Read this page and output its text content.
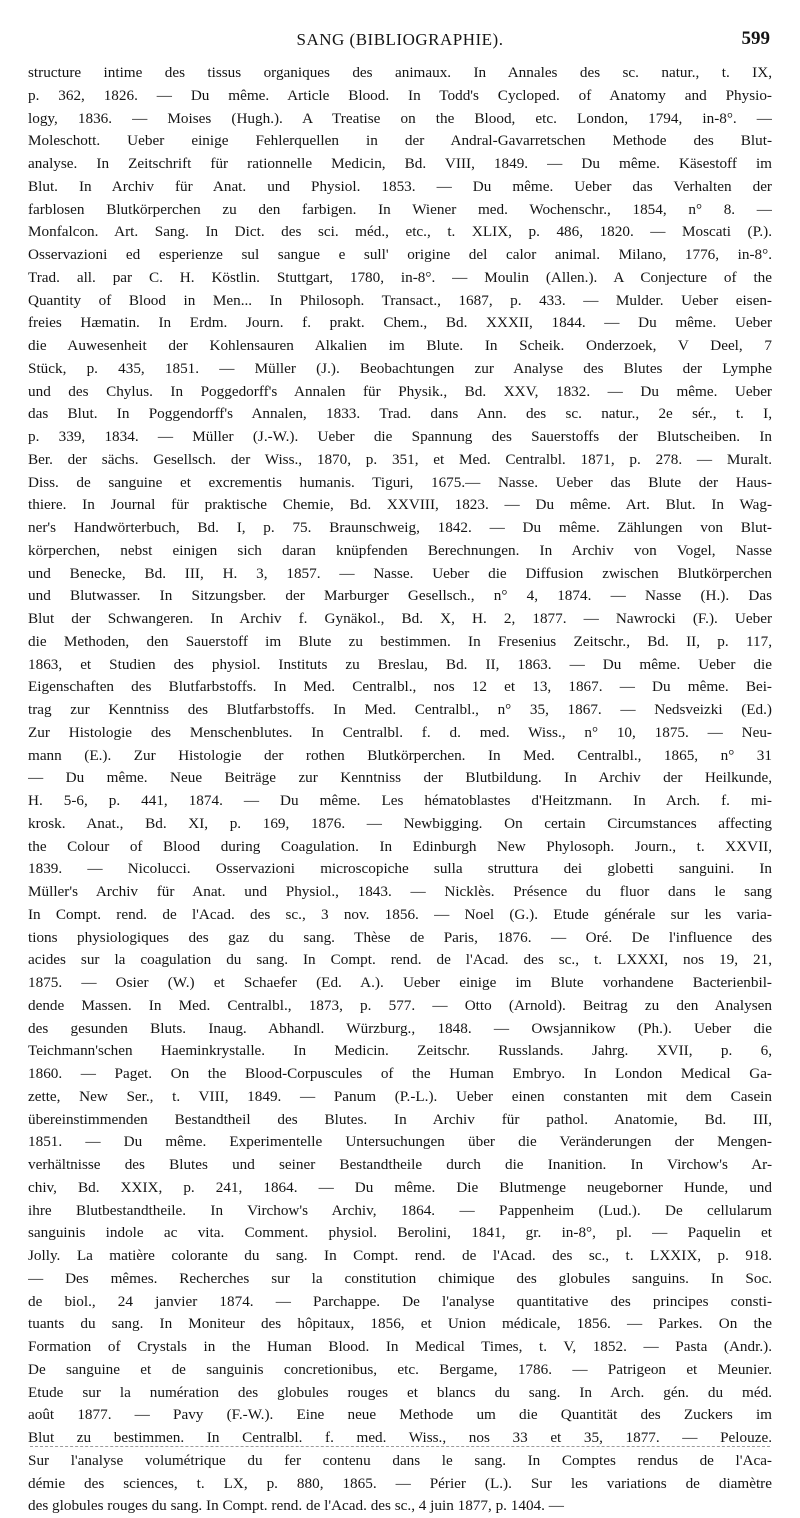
SANG (BIBLIOGRAPHIE).	599
structure intime des tissus organiques des animaux. In Annales des sc. natur., t. IX,
p. 362, 1826. — Du même. Article Blood. In Todd's Cycloped. of Anatomy and Physio-
logy, 1836. — Moises (Hugh.). A Treatise on the Blood, etc. London, 1794, in-8°. —
Moleschott. Ueber einige Fehlerquellen in der Andral-Gavarretschen Methode des Blut-
analyse. In Zeitschrift für rationnelle Medicin, Bd. VIII, 1849. — Du même. Käsestoff im
Blut. In Archiv für Anat. und Physiol. 1853. — Du même. Ueber das Verhalten der
farblosen Blutkörperchen zu den farbigen. In Wiener med. Wochenschr., 1854, n° 8. —
Monfalcon. Art. Sang. In Dict. des sci. méd., etc., t. XLIX, p. 486, 1820. — Moscati (P.).
Osservazioni ed esperienze sul sangue e sull' origine del calor animal. Milano, 1776, in-8°.
Trad. all. par C. H. Köstlin. Stuttgart, 1780, in-8°. — Moulin (Allen.). A Conjecture of the
Quantity of Blood in Men... In Philosoph. Transact., 1687, p. 433. — Mulder. Ueber eisen-
freies Hæmatin. In Erdm. Journ. f. prakt. Chem., Bd. XXXII, 1844. — Du même. Ueber
die Auwesenheit der Kohlensauren Alkalien im Blute. In Scheik. Onderzoek, V Deel, 7
Stück, p. 435, 1851. — Müller (J.). Beobachtungen zur Analyse des Blutes der Lymphe
und des Chylus. In Poggedorff's Annalen für Physik., Bd. XXV, 1832. — Du même. Ueber
das Blut. In Poggendorff's Annalen, 1833. Trad. dans Ann. des sc. natur., 2e sér., t. I,
p. 339, 1834. — Müller (J.-W.). Ueber die Spannung des Sauerstoffs der Blutscheiben. In
Ber. der sächs. Gesellsch. der Wiss., 1870, p. 351, et Med. Centralbl. 1871, p. 278. — Muralt.
Diss. de sanguine et excrementis humanis. Tiguri, 1675.— Nasse. Ueber das Blute der Haus-
thiere. In Journal für praktische Chemie, Bd. XXVIII, 1823. — Du même. Art. Blut. In Wag-
ner's Handwörterbuch, Bd. I, p. 75. Braunschweig, 1842. — Du même. Zählungen von Blut-
körperchen, nebst einigen sich daran knüpfenden Berechnungen. In Archiv von Vogel, Nasse
und Benecke, Bd. III, H. 3, 1857. — Nasse. Ueber die Diffusion zwischen Blutkörperchen
und Blutwasser. In Sitzungsber. der Marburger Gesellsch., n° 4, 1874. — Nasse (H.). Das
Blut der Schwangeren. In Archiv f. Gynäkol., Bd. X, H. 2, 1877. — Nawrocki (F.). Ueber
die Methoden, den Sauerstoff im Blute zu bestimmen. In Fresenius Zeitschr., Bd. II, p. 117,
1863, et Studien des physiol. Instituts zu Breslau, Bd. II, 1863. — Du même. Ueber die
Eigenschaften des Blutfarbstoffs. In Med. Centralbl., nos 12 et 13, 1867. — Du même. Bei-
trag zur Kenntniss des Blutfarbstoffs. In Med. Centralbl., n° 35, 1867. — Nedsveizki (Ed.)
Zur Histologie des Menschenblutes. In Centralbl. f. d. med. Wiss., n° 10, 1875. — Neu-
mann (E.). Zur Histologie der rothen Blutkörperchen. In Med. Centralbl., 1865, n° 31
— Du même. Neue Beiträge zur Kenntniss der Blutbildung. In Archiv der Heilkunde,
H. 5-6, p. 441, 1874. — Du même. Les hématoblastes d'Heitzmann. In Arch. f. mi-
krosk. Anat., Bd. XI, p. 169, 1876. — Newbigging. On certain Circumstances affecting
the Colour of Blood during Coagulation. In Edinburgh New Phylosoph. Journ., t. XXVII,
1839. — Nicolucci. Osservazioni microscopiche sulla struttura dei globetti sanguini. In
Müller's Archiv für Anat. und Physiol., 1843. — Nicklès. Présence du fluor dans le sang
In Compt. rend. de l'Acad. des sc., 3 nov. 1856. — Noel (G.). Etude générale sur les varia-
tions physiologiques des gaz du sang. Thèse de Paris, 1876. — Oré. De l'influence des
acides sur la coagulation du sang. In Compt. rend. de l'Acad. des sc., t. LXXXI, nos 19, 21,
1875. — Osier (W.) et Schaefer (Ed. A.). Ueber einige im Blute vorhandene Bacterienbil-
dende Massen. In Med. Centralbl., 1873, p. 577. — Otto (Arnold). Beitrag zu den Analysen
des gesunden Bluts. Inaug. Abhandl. Würzburg., 1848. — Owsjannikow (Ph.). Ueber die
Teichmann'schen Haeminkrystalle. In Medicin. Zeitschr. Russlands. Jahrg. XVII, p. 6,
1860. — Paget. On the Blood-Corpuscules of the Human Embryo. In London Medical Ga-
zette, New Ser., t. VIII, 1849. — Panum (P.-L.). Ueber einen constanten mit dem Casein
übereinstimmenden Bestandtheil des Blutes. In Archiv für pathol. Anatomie, Bd. III,
1851. — Du même. Experimentelle Untersuchungen über die Veränderungen der Mengen-
verhältnisse des Blutes und seiner Bestandtheile durch die Inanition. In Virchow's Ar-
chiv, Bd. XXIX, p. 241, 1864. — Du même. Die Blutmenge neugeborner Hunde, und
ihre Blutbestandtheile. In Virchow's Archiv, 1864. — Pappenheim (Lud.). De cellularum
sanguinis indole ac vita. Comment. physiol. Berolini, 1841, gr. in-8°, pl. — Paquelin et
Jolly. La matière colorante du sang. In Compt. rend. de l'Acad. des sc., t. LXXIX, p. 918.
— Des mêmes. Recherches sur la constitution chimique des globules sanguins. In Soc.
de biol., 24 janvier 1874. — Parchappe. De l'analyse quantitative des principes consti-
tuants du sang. In Moniteur des hôpitaux, 1856, et Union médicale, 1856. — Parkes. On the
Formation of Crystals in the Human Blood. In Medical Times, t. V, 1852. — Pasta (Andr.).
De sanguine et de sanguinis concretionibus, etc. Bergame, 1786. — Patrigeon et Meunier.
Etude sur la numération des globules rouges et blancs du sang. In Arch. gén. du méd.
août 1877. — Pavy (F.-W.). Eine neue Methode um die Quantität des Zuckers im
Blut zu bestimmen. In Centralbl. f. med. Wiss., nos 33 et 35, 1877. — Pelouze.
Sur l'analyse volumétrique du fer contenu dans le sang. In Comptes rendus de l'Aca-
démie des sciences, t. LX, p. 880, 1865. — Périer (L.). Sur les variations de diamètre
des globules rouges du sang. In Compt. rend. de l'Acad. des sc., 4 juin 1877, p. 1404. —
